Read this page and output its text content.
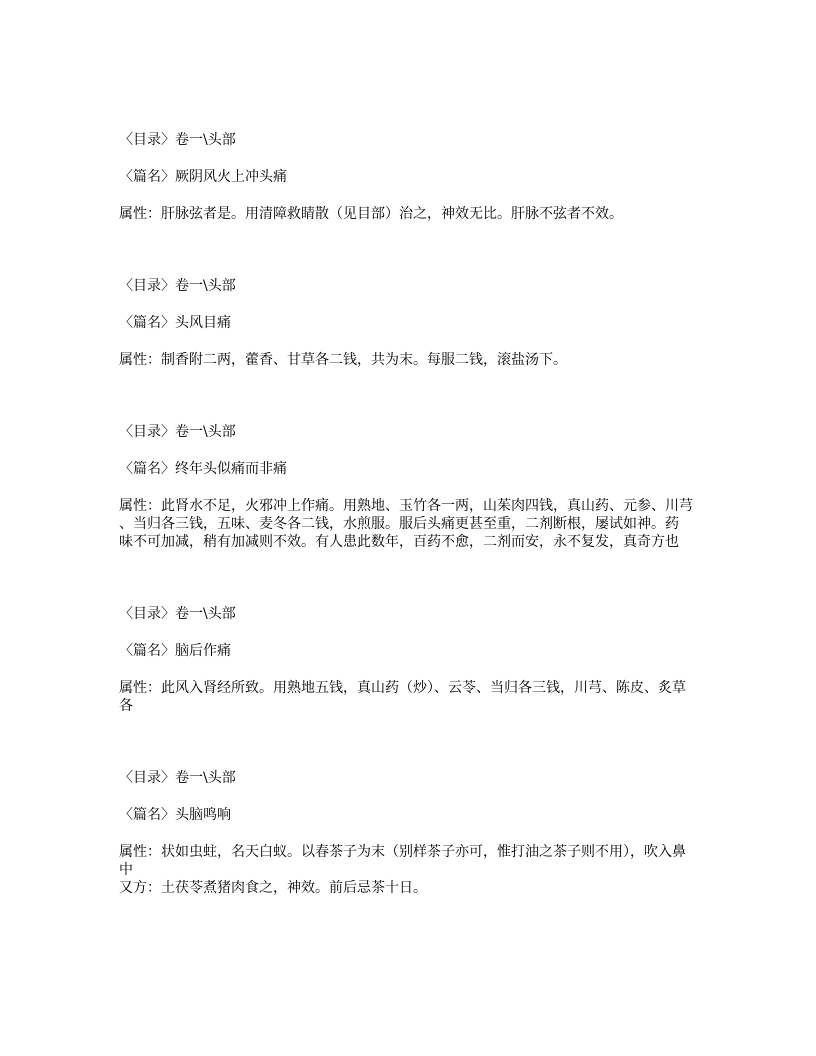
〈目录〉卷一\头部
〈篇名〉厥阴风火上冲头痛
属性：肝脉弦者是。用清障救睛散（见目部）治之，神效无比。肝脉不弦者不效。
〈目录〉卷一\头部
〈篇名〉头风目痛
属性：制香附二两，藿香、甘草各二钱，共为末。每服二钱，滚盐汤下。
〈目录〉卷一\头部
〈篇名〉终年头似痛而非痛
属性：此肾水不足，火邪冲上作痛。用熟地、玉竹各一两，山茱肉四钱，真山药、元参、川芎
、当归各三钱，五味、麦冬各二钱，水煎服。服后头痛更甚至重，二剂断根，屡试如神。药
味不可加减，稍有加减则不效。有人患此数年，百药不愈，二剂而安，永不复发，真奇方也
〈目录〉卷一\头部
〈篇名〉脑后作痛
属性：此风入肾经所致。用熟地五钱，真山药（炒）、云苓、当归各三钱，川芎、陈皮、炙草
各
〈目录〉卷一\头部
〈篇名〉头脑鸣响
属性：状如虫蛀，名天白蚁。以春茶子为末（别样茶子亦可，惟打油之茶子则不用），吹入鼻
中
又方：土茯苓煮猪肉食之，神效。前后忌茶十日。
